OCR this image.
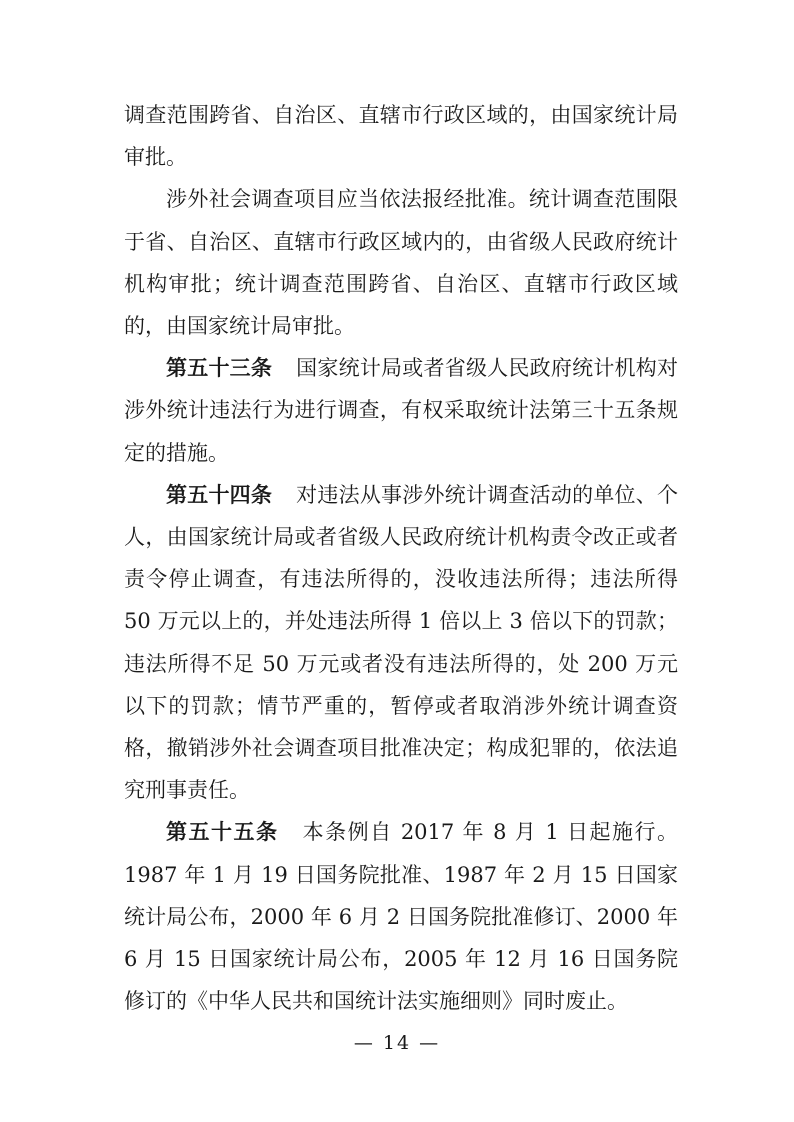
调查范围跨省、自治区、直辖市行政区域的，由国家统计局审批。

涉外社会调查项目应当依法报经批准。统计调查范围限于省、自治区、直辖市行政区域内的，由省级人民政府统计机构审批；统计调查范围跨省、自治区、直辖市行政区域的，由国家统计局审批。

第五十三条 国家统计局或者省级人民政府统计机构对涉外统计违法行为进行调查，有权采取统计法第三十五条规定的措施。

第五十四条 对违法从事涉外统计调查活动的单位、个人，由国家统计局或者省级人民政府统计机构责令改正或者责令停止调查，有违法所得的，没收违法所得；违法所得 50 万元以上的，并处违法所得 1 倍以上 3 倍以下的罚款；违法所得不足 50 万元或者没有违法所得的，处 200 万元以下的罚款；情节严重的，暂停或者取消涉外统计调查资格，撤销涉外社会调查项目批准决定；构成犯罪的，依法追究刑事责任。

第五十五条 本条例自 2017 年 8 月 1 日起施行。1987 年 1 月 19 日国务院批准、1987 年 2 月 15 日国家统计局公布，2000 年 6 月 2 日国务院批准修订、2000 年 6 月 15 日国家统计局公布，2005 年 12 月 16 日国务院修订的《中华人民共和国统计法实施细则》同时废止。

— 14 —
